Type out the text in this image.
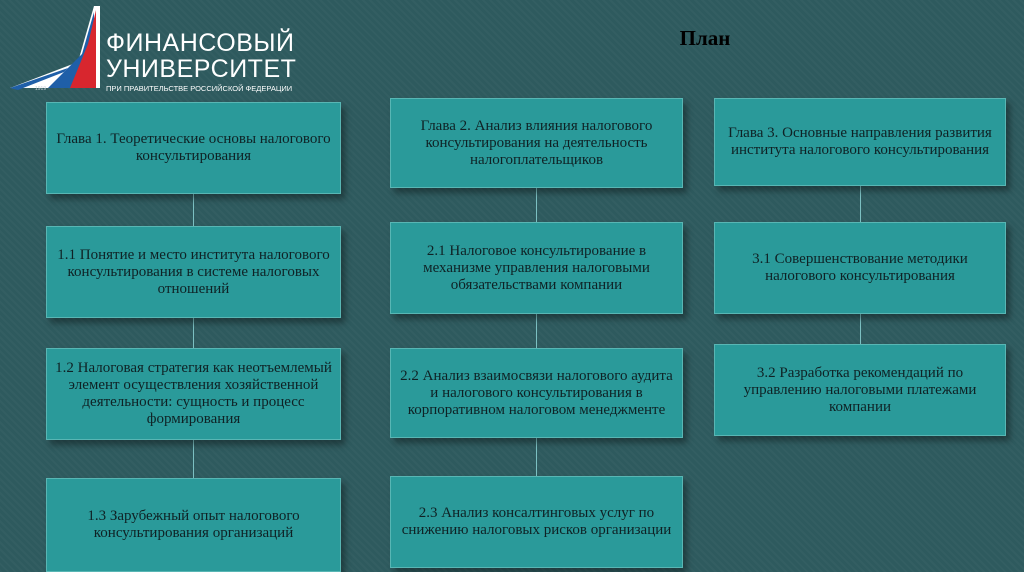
ФИНАНСОВЫЙ
УНИВЕРСИТЕТ
ПРИ ПРАВИТЕЛЬСТВЕ РОССИЙСКОЙ ФЕДЕРАЦИИ
1919
План
Глава 1. Теоретические основы налогового консультирования
1.1 Понятие и место института налогового консультирования в системе налоговых отношений
1.2 Налоговая стратегия как неотъемлемый элемент осуществления хозяйственной деятельности: сущность и процесс формирования
1.3 Зарубежный опыт налогового консультирования организаций
Глава 2. Анализ влияния налогового консультирования на деятельность налогоплательщиков
2.1 Налоговое консультирование в механизме управления налоговыми обязательствами компании
2.2 Анализ взаимосвязи налогового аудита и налогового консультирования в корпоративном налоговом менеджменте
2.3 Анализ консалтинговых услуг по снижению налоговых рисков организации
Глава 3. Основные направления развития института налогового консультирования
3.1 Совершенствование методики налогового консультирования
3.2 Разработка рекомендаций по управлению налоговыми платежами компании
